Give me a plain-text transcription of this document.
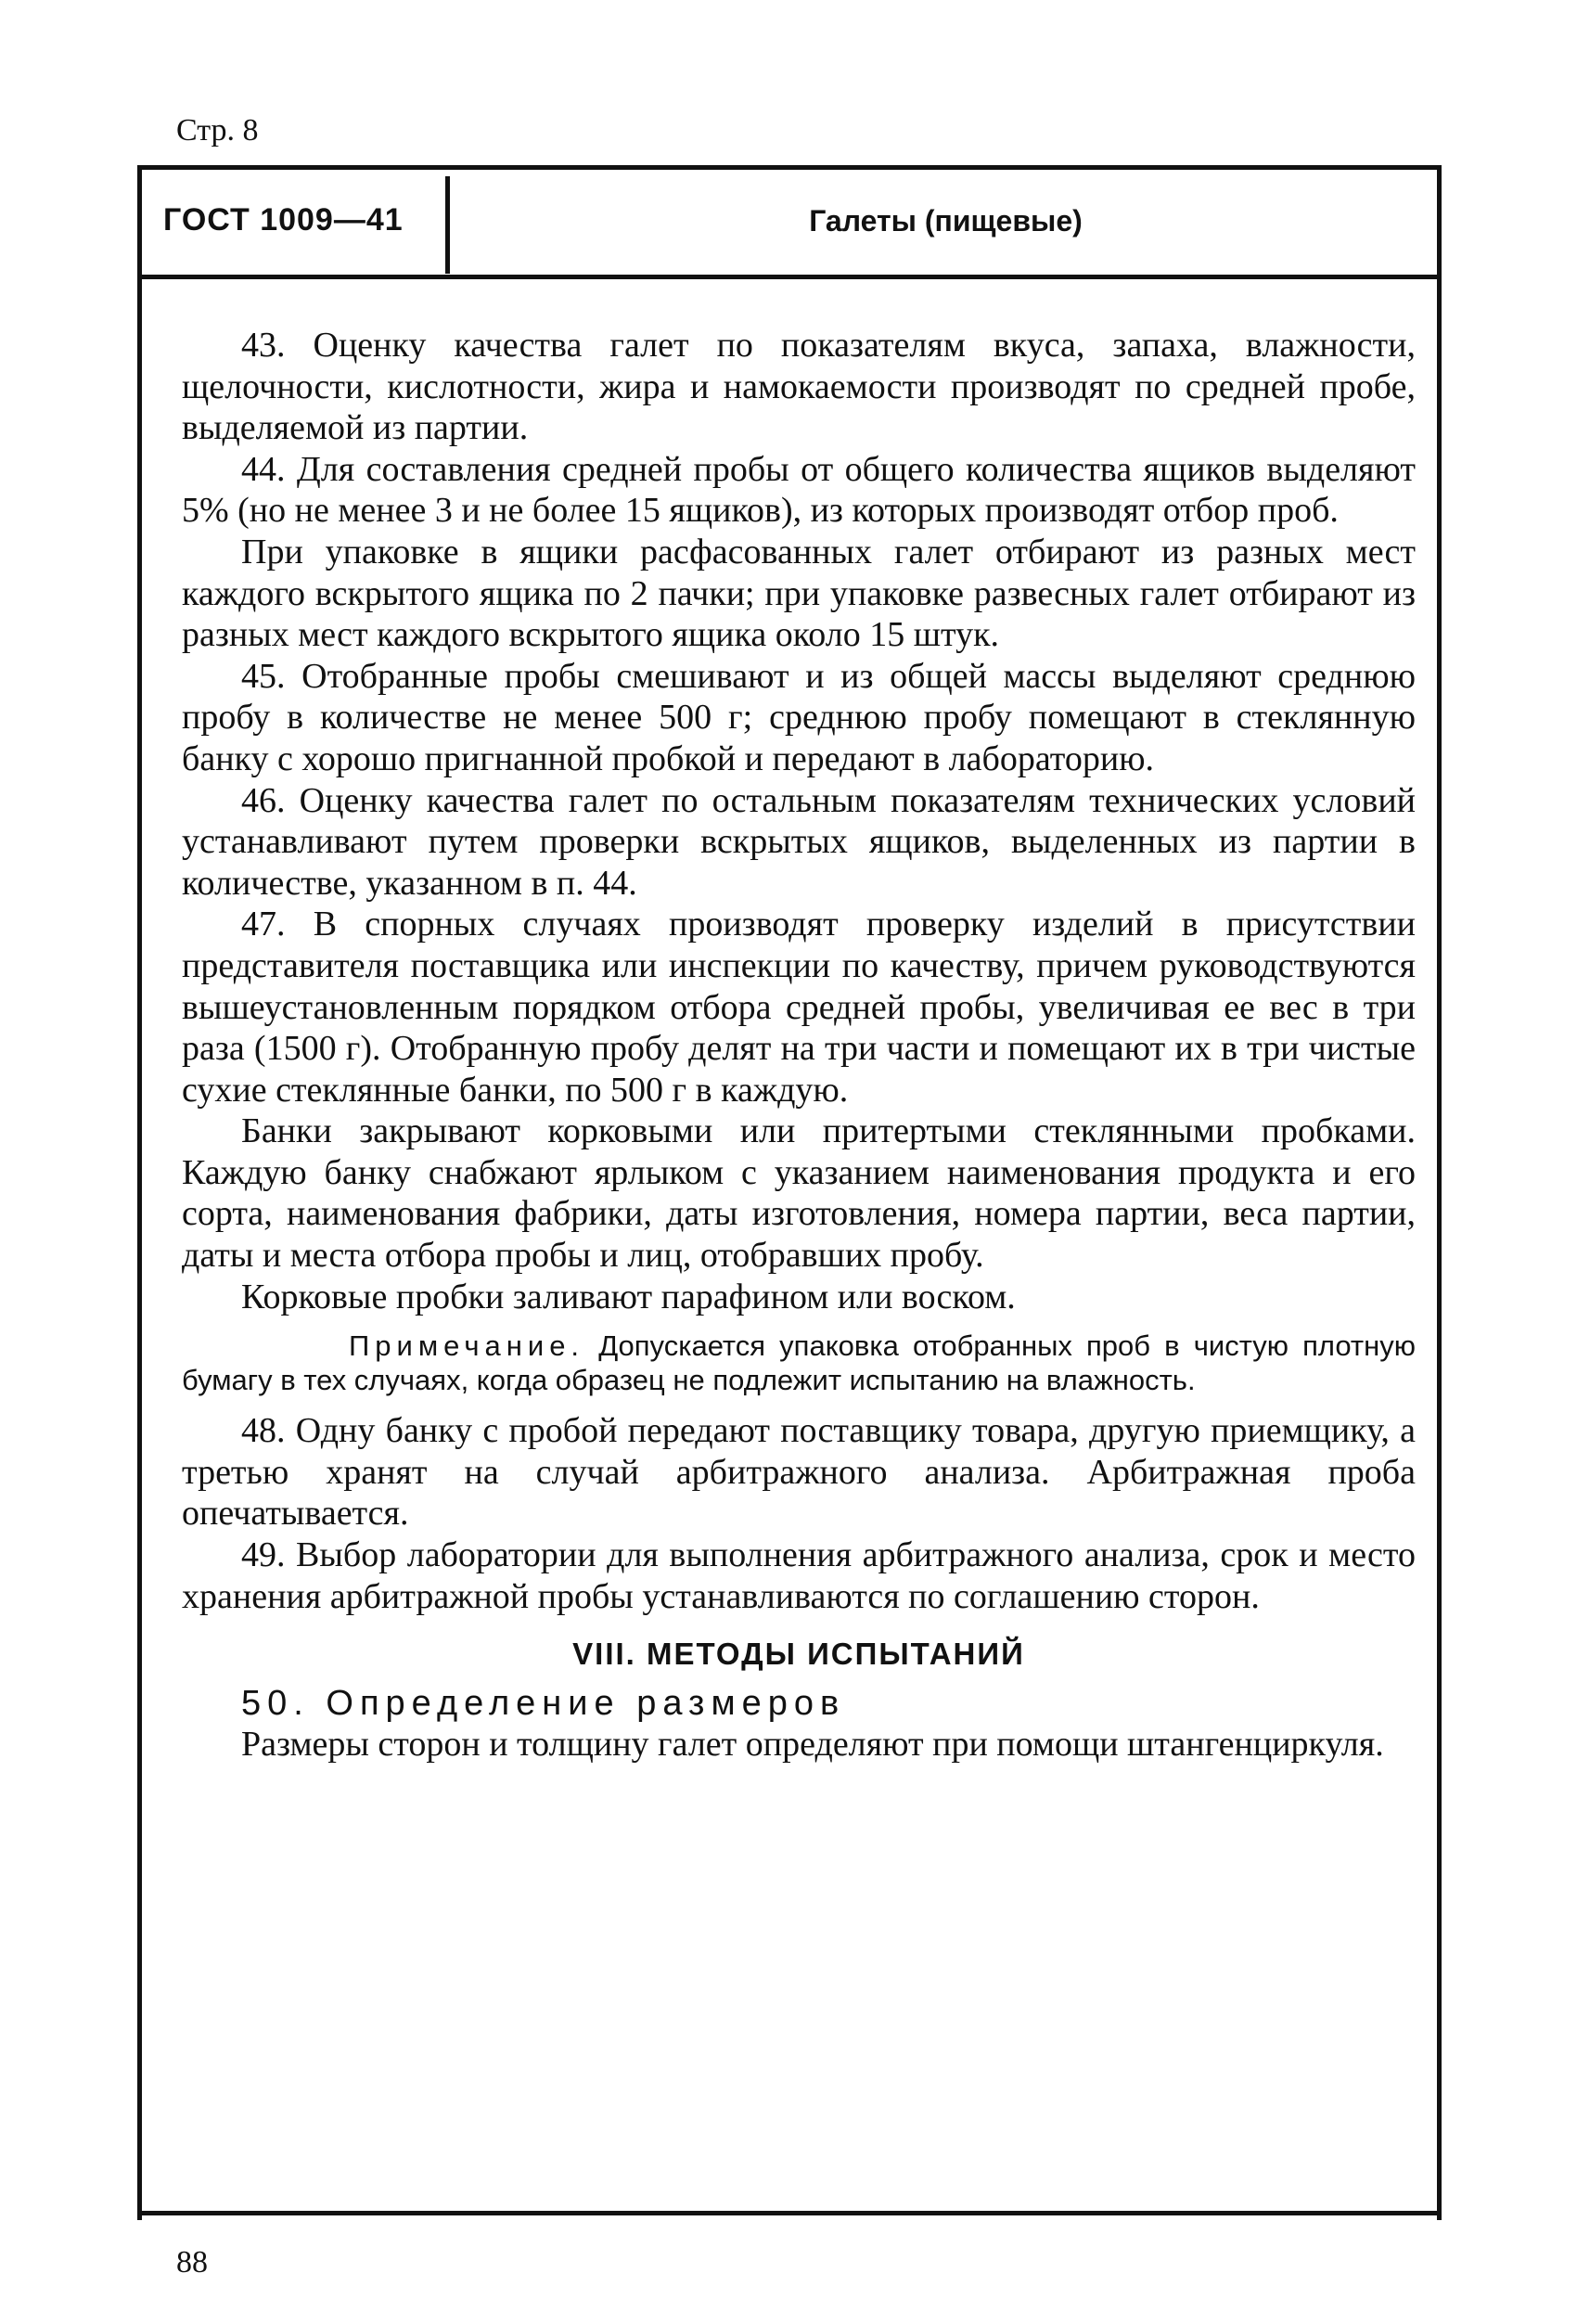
Стр. 8
ГОСТ 1009—41	Галеты (пищевые)

43. Оценку качества галет по показателям вкуса, запаха, влажности, щелочности, кислотности, жира и намокаемости производят по средней пробе, выделяемой из партии.

44. Для составления средней пробы от общего количества ящиков выделяют 5% (но не менее 3 и не более 15 ящиков), из которых производят отбор проб.

При упаковке в ящики расфасованных галет отбирают из разных мест каждого вскрытого ящика по 2 пачки; при упаковке развесных галет отбирают из разных мест каждого вскрытого ящика около 15 штук.

45. Отобранные пробы смешивают и из общей массы выделяют среднюю пробу в количестве не менее 500 г; среднюю пробу помещают в стеклянную банку с хорошо пригнанной пробкой и передают в лабораторию.

46. Оценку качества галет по остальным показателям технических условий устанавливают путем проверки вскрытых ящиков, выделенных из партии в количестве, указанном в п. 44.

47. В спорных случаях производят проверку изделий в присутствии представителя поставщика или инспекции по качеству, причем руководствуются вышеустановленным порядком отбора средней пробы, увеличивая ее вес в три раза (1500 г). Отобранную пробу делят на три части и помещают их в три чистые сухие стеклянные банки, по 500 г в каждую.

Банки закрывают корковыми или притертыми стеклянными пробками. Каждую банку снабжают ярлыком с указанием наименования продукта и его сорта, наименования фабрики, даты изготовления, номера партии, веса партии, даты и места отбора пробы и лиц, отобравших пробу.

Корковые пробки заливают парафином или воском.

Примечание. Допускается упаковка отобранных проб в чистую плотную бумагу в тех случаях, когда образец не подлежит испытанию на влажность.

48. Одну банку с пробой передают поставщику товара, другую приемщику, а третью хранят на случай арбитражного анализа. Арбитражная проба опечатывается.

49. Выбор лаборатории для выполнения арбитражного анализа, срок и место хранения арбитражной пробы устанавливаются по соглашению сторон.

VIII. МЕТОДЫ ИСПЫТАНИЙ

50. Определение размеров

Размеры сторон и толщину галет определяют при помощи штангенциркуля.

88
